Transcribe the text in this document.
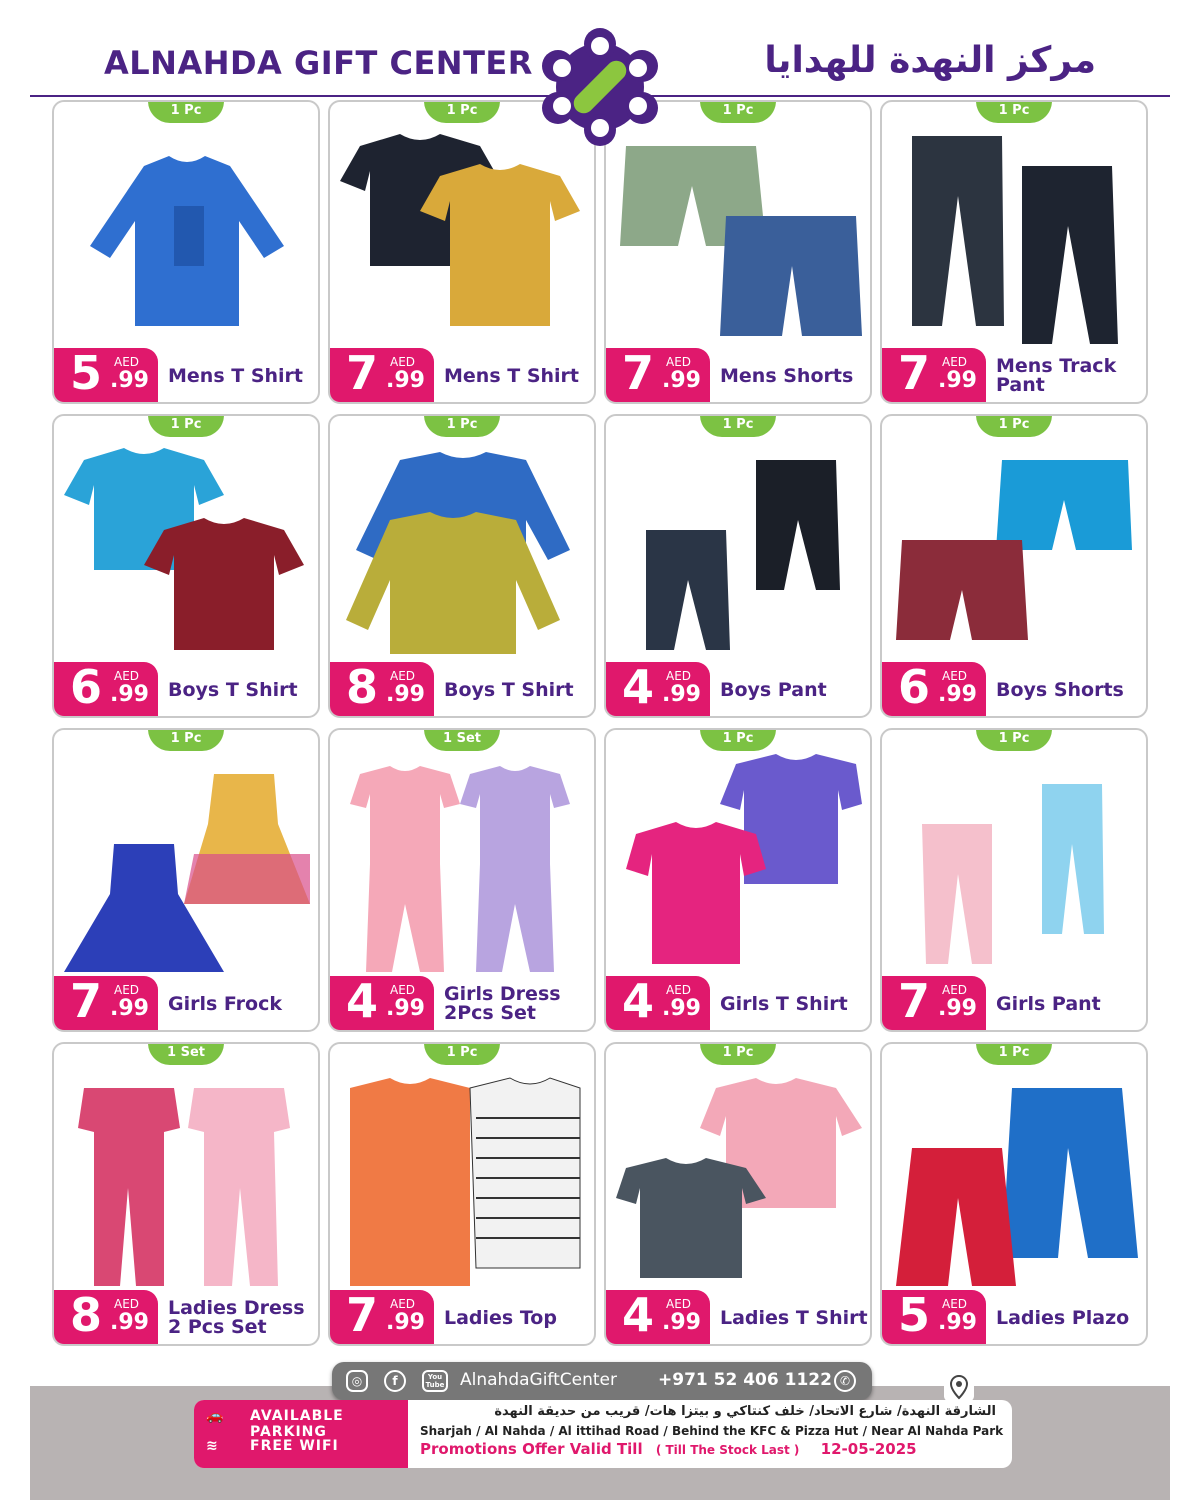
ALNAHDA GIFT CENTER	مركز النهدة للهدايا
1 Pc
5 AED
.99 Mens T Shirt
1 Pc
7 AED
.99 Mens T Shirt
1 Pc
7 AED
.99 Mens Shorts
1 Pc
7 AED
.99
Mens Track Pant
1 Pc
6 AED
.99 Boys T Shirt
1 Pc
8 AED
.99 Boys T Shirt
1 Pc
4 AED
.99 Boys Pant
1 Pc
6 AED
.99 Boys Shorts
1 Pc
7 AED
.99 Girls Frock
1 Set
4 AED
.99
Girls Dress 2Pcs Set
1 Pc
4 AED
.99 Girls T Shirt
1 Pc
7 AED
.99 Girls Pant
1 Set
8 AED
.99
Ladies Dress 2 Pcs Set
1 Pc
7 AED
.99 Ladies Top
1 Pc
4 AED
.99 Ladies T Shirt
1 Pc
5 AED
.99 Ladies Plazo
◎	f	You Tube AlnahdaGiftCenter +971 52 406 1122 ✆
🚗 AVAILABLE PARKING
≋ FREE WIFI
الشارقة النهدة/ شارع الاتحاد/ خلف كنتاكي و بيتزا هات/ قريب من حديقة النهدة
Sharjah / Al Nahda / Al ittihad Road / Behind the KFC & Pizza Hut / Near Al Nahda Park
Promotions Offer Valid Till ( Till The Stock Last ) 12-05-2025
